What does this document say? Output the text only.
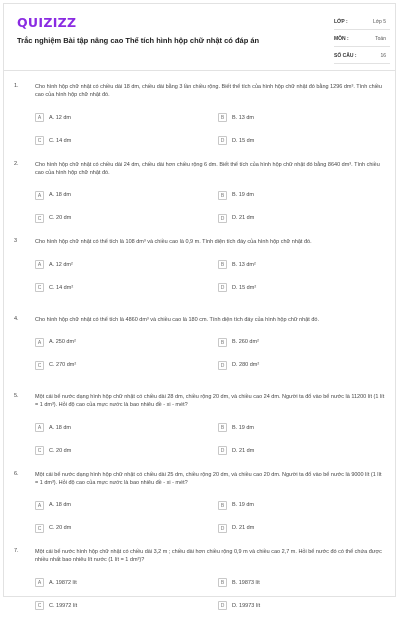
QUIZIZZ
Trắc nghiệm Bài tập nâng cao Thể tích hình hộp chữ nhật có đáp án
LỚP :	Lớp 5
MÔN :	Toán
SỐ CÂU :	16
1.	Cho hình hộp chữ nhật có chiều dài 18 dm, chiều dài bằng 3 lần chiều rộng. Biết thể tích của hình hộp chữ nhật đó bằng 1296 dm³. Tính chiều cao của hình hộp chữ nhật đó.
A	A. 12 dm	B	B. 13 dm
C	C. 14 dm	D	D. 15 dm
2.	Cho hình hộp chữ nhật có chiều dài 24 dm, chiều dài hơn chiều rộng 6 dm. Biết thể tích của hình hộp chữ nhật đó bằng 8640 dm³. Tính chiều cao của hình hộp chữ nhật đó.
A	A. 18 dm	B	B. 19 dm
C	C. 20 dm	D	D. 21 dm
3	Cho hình hộp chữ nhật có thể tích là 108 dm³ và chiều cao là 0,9 m. Tính diện tích đáy của hình hộp chữ nhật đó.
A	A. 12 dm²	B	B. 13 dm²
C	C. 14 dm²	D	D. 15 dm²
4.	Cho hình hộp chữ nhật có thể tích là 4860 dm³ và chiều cao là 180 cm. Tính diện tích đáy của hình hộp chữ nhật đó.
A	A. 250 dm²	B	B. 260 dm²
C	C. 270 dm²	D	D. 280 dm²
5.	Một cái bể nước dạng hình hộp chữ nhật có chiều dài 28 dm, chiều rộng 20 dm, và chiều cao 24 dm. Người ta đổ vào bể nước là 11200 lít (1 lít = 1 dm³). Hỏi độ cao của mực nước là bao nhiêu đề - xi - mét?
A	A. 18 dm	B	B. 19 dm
C	C. 20 dm	D	D. 21 dm
6.	Một cái bể nước dạng hình hộp chữ nhật có chiều dài 25 dm, chiều rộng 20 dm, và chiều cao 20 dm. Người ta đổ vào bể nước là 9000 lít (1 lít = 1 dm³). Hỏi độ cao của mực nước là bao nhiêu đề - xi - mét?
A	A. 18 dm	B	B. 19 dm
C	C. 20 dm	D	D. 21 dm
7.	Một cái bể nước hình hộp chữ nhật có chiều dài 3,2 m ; chiều dài hơn chiều rộng 0,9 m và chiều cao 2,7 m. Hỏi bể nước đó có thể chứa được nhiều nhất bao nhiêu lít nước (1 lít = 1 dm³)?
A	A. 19872 lít	B	B. 19873 lít
C	C. 19972 lít	D	D. 19973 lít
